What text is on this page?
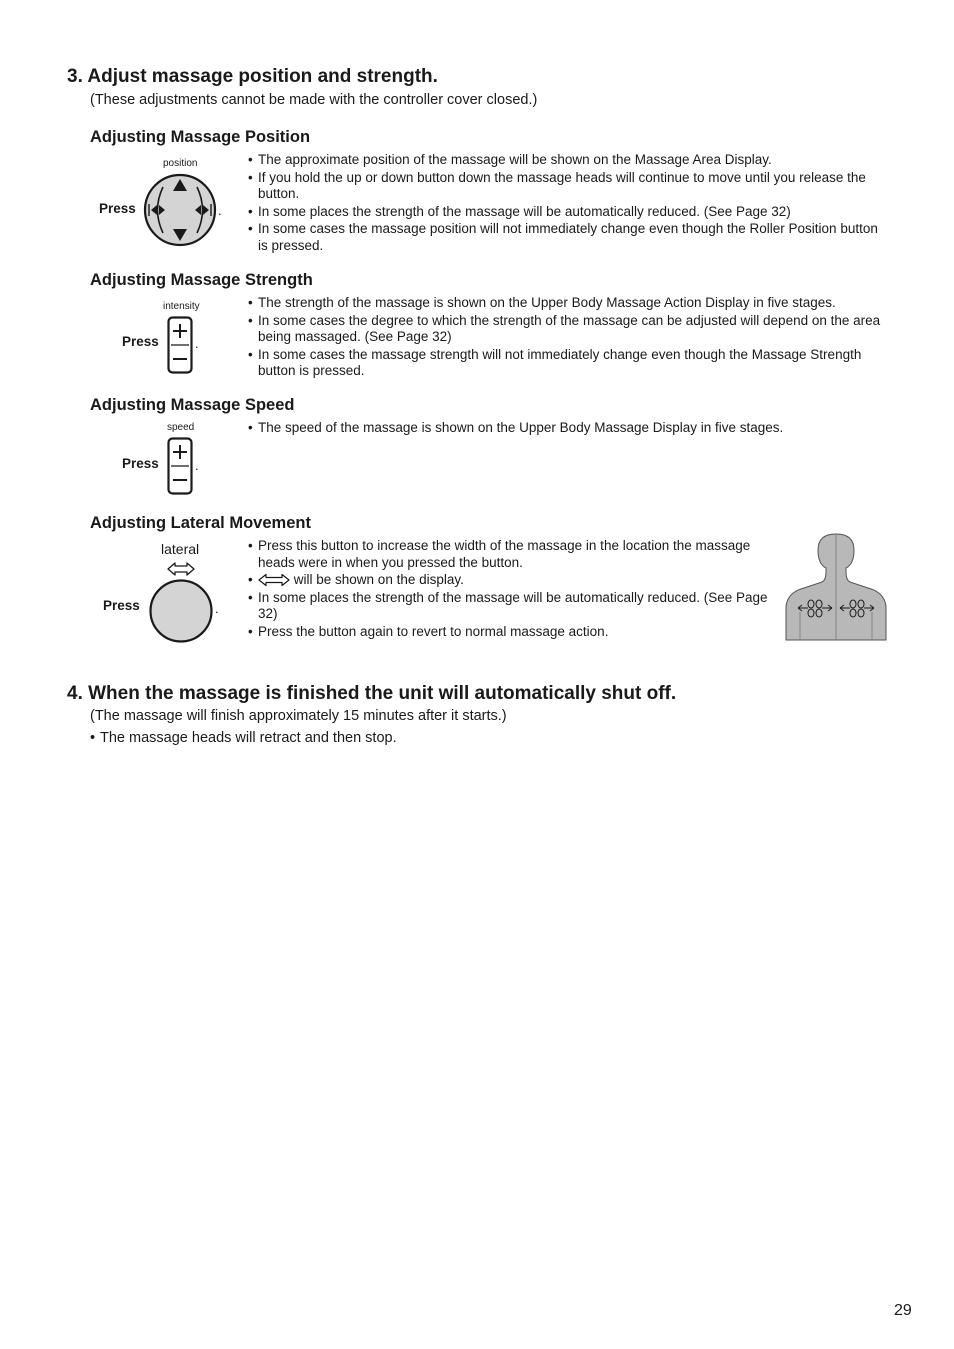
3. Adjust massage position and strength.
(These adjustments cannot be made with the controller cover closed.)
Adjusting Massage Position
position
Press	.
• The approximate position of the massage will be shown on the Massage Area Display.
• If you hold the up or down button down the massage heads will continue to move until you release the button.
• In some places the strength of the massage will be automatically reduced. (See Page 32)
• In some cases the massage position will not immediately change even though the Roller Position button is pressed.
Adjusting Massage Strength
intensity
Press	.
• The strength of the massage is shown on the Upper Body Massage Action Display in five stages.
• In some cases the degree to which the strength of the massage can be adjusted will depend on the area being massaged. (See Page 32)
• In some cases the massage strength will not immediately change even though the Massage Strength button is pressed.
Adjusting Massage Speed
speed
Press	.
• The speed of the massage is shown on the Upper Body Massage Display in five stages.
Adjusting Lateral Movement
lateral
Press	.
• Press this button to increase the width of the massage in the location the massage heads were in when you pressed the button.
• will be shown on the display.
• In some places the strength of the massage will be automatically reduced. (See Page 32)
• Press the button again to revert to normal massage action.
4. When the massage is finished the unit will automatically shut off.
(The massage will finish approximately 15 minutes after it starts.)
• The massage heads will retract and then stop.
29
